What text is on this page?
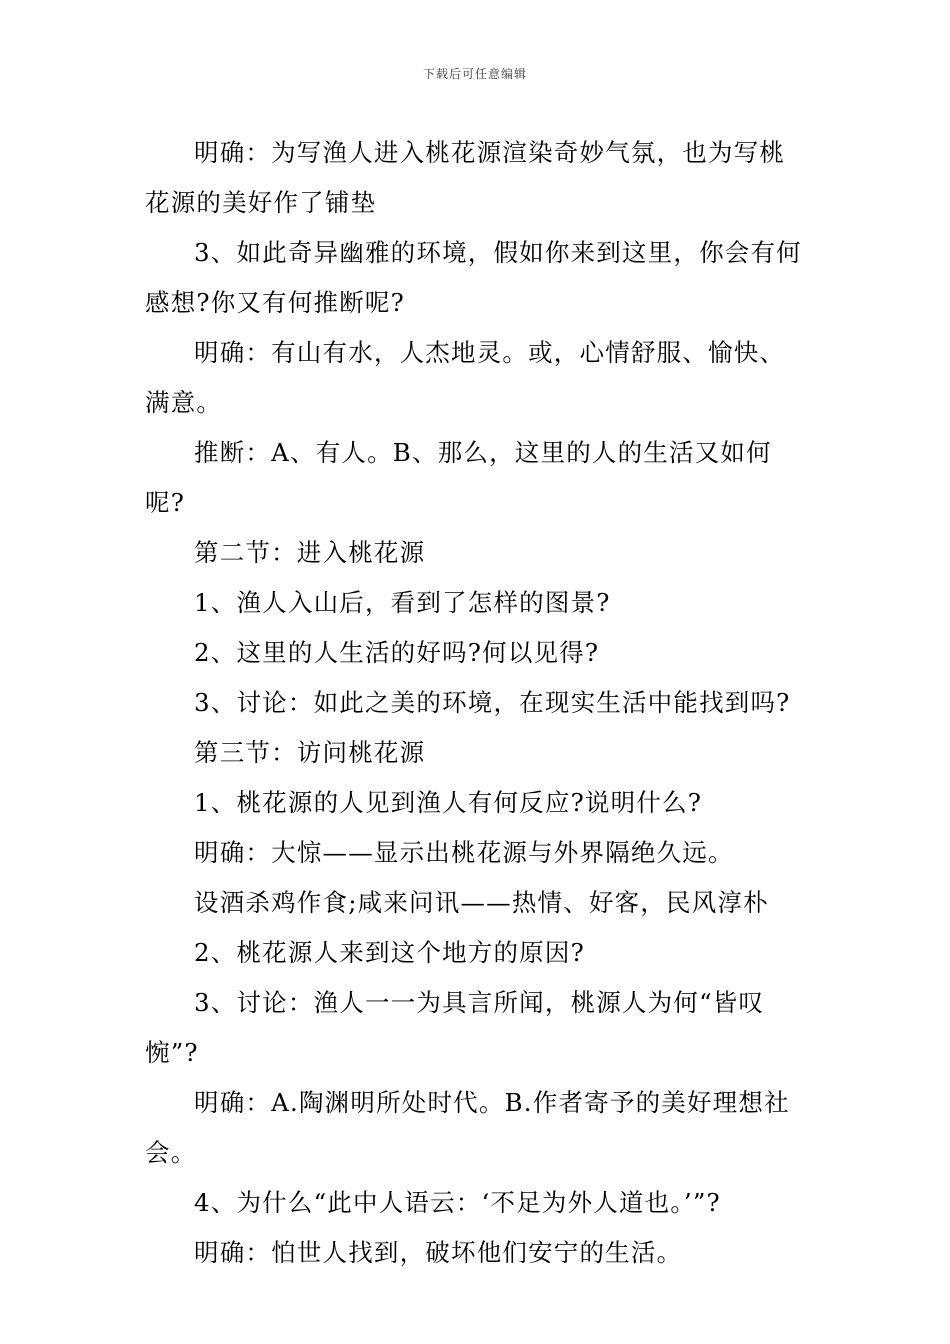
下载后可任意编辑

明确：为写渔人进入桃花源渲染奇妙气氛，也为写桃花源的美好作了铺垫

3、如此奇异幽雅的环境，假如你来到这里，你会有何感想?你又有何推断呢?

明确：有山有水，人杰地灵。或，心情舒服、愉快、满意。

推断：A、有人。B、那么，这里的人的生活又如何呢?

第二节：进入桃花源

1、渔人入山后，看到了怎样的图景?

2、这里的人生活的好吗?何以见得?

3、讨论：如此之美的环境，在现实生活中能找到吗?

第三节：访问桃花源

1、桃花源的人见到渔人有何反应?说明什么?

明确：大惊——显示出桃花源与外界隔绝久远。

设酒杀鸡作食;咸来问讯——热情、好客，民风淳朴

2、桃花源人来到这个地方的原因?

3、讨论：渔人一一为具言所闻，桃源人为何“皆叹惋”?

明确：A.陶渊明所处时代。B.作者寄予的美好理想社会。

4、为什么“此中人语云：‘不足为外人道也。’”?

明确：怕世人找到，破坏他们安宁的生活。
